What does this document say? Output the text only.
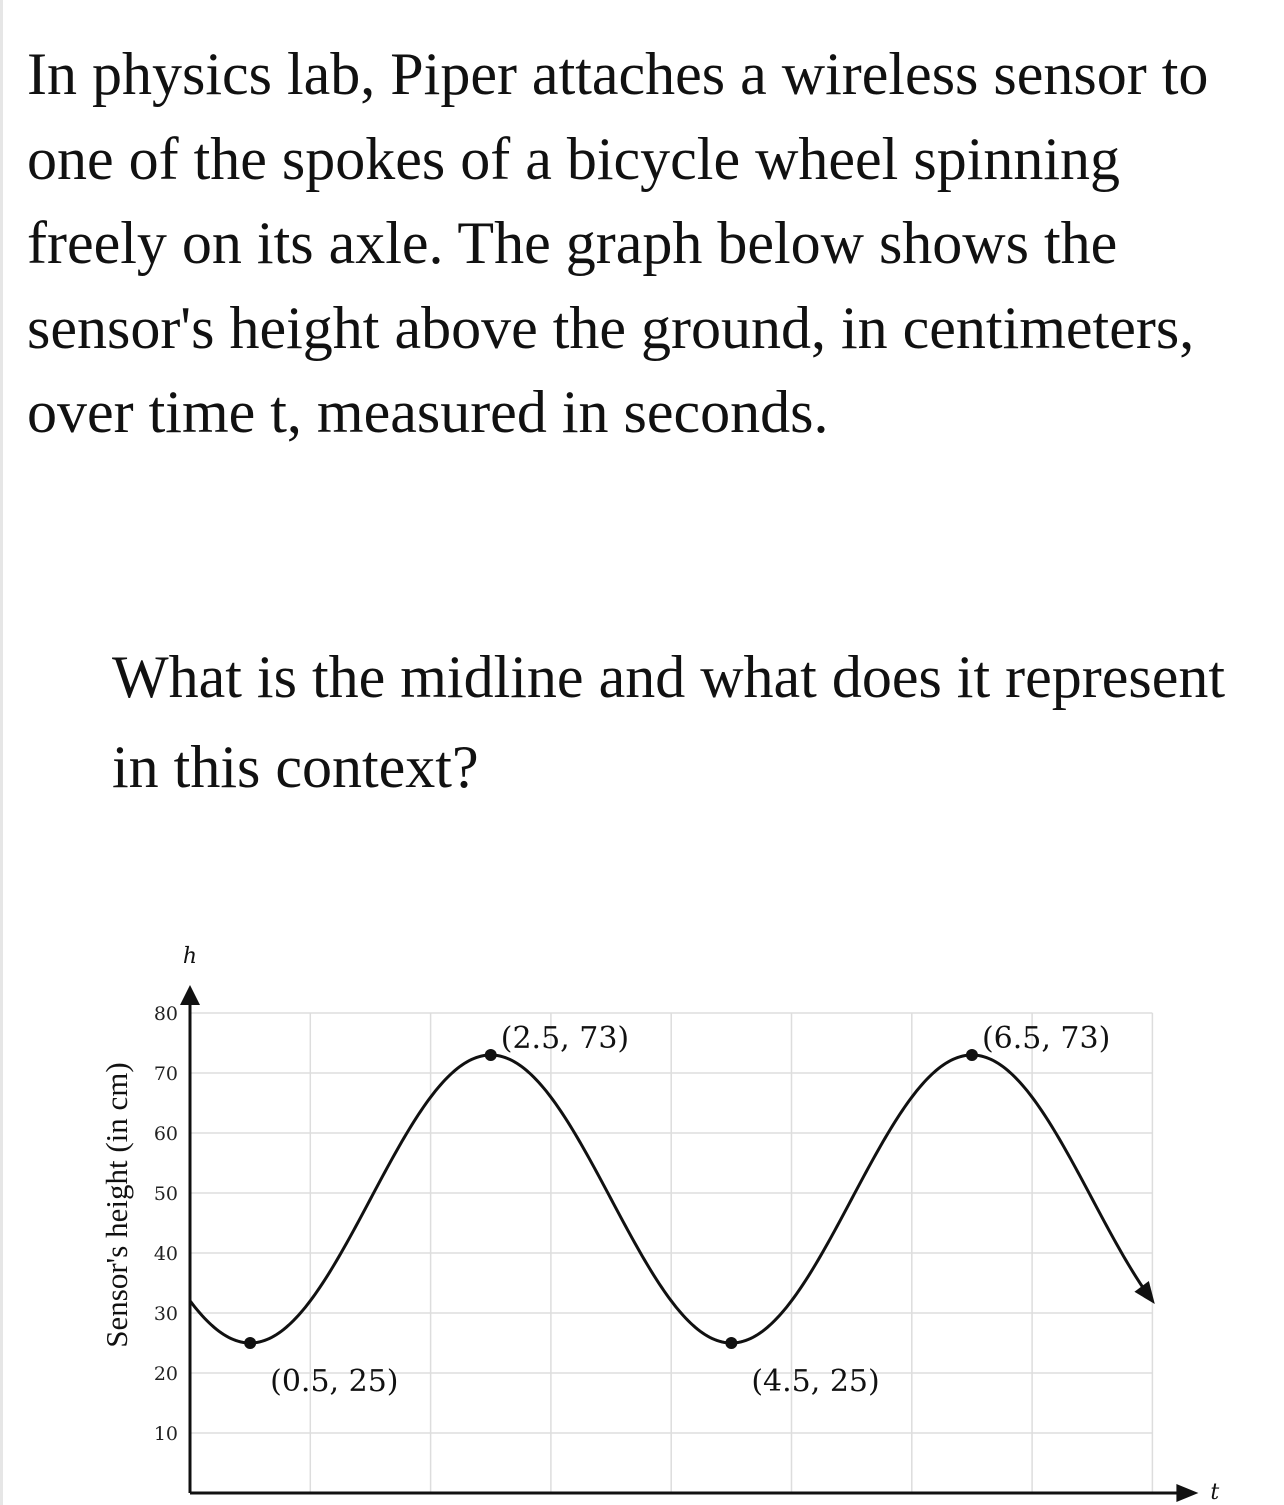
In physics lab, Piper attaches a wireless sensor to one of the spokes of a bicycle wheel spinning freely on its axle. The graph below shows the sensor's height above the ground, in centimeters, over time t, measured in seconds.

What is the midline and what does it represent in this context?

10
20
30
40
50
60
70
80
h
t
Sensor's height (in cm)
(0.5, 25)
(2.5, 73)
(4.5, 25)
(6.5, 73)
